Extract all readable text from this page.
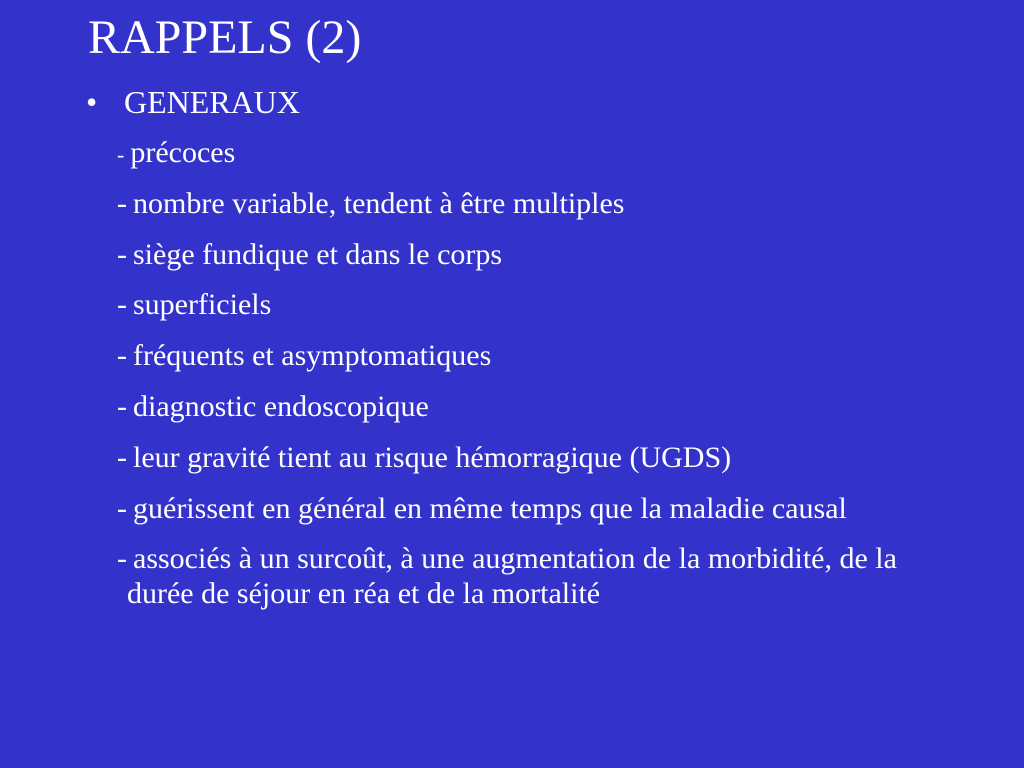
RAPPELS (2)
• GENERAUX
- précoces
- nombre variable, tendent à être multiples
- siège fundique et dans le corps
- superficiels
- fréquents et asymptomatiques
- diagnostic endoscopique
- leur gravité tient au risque hémorragique (UGDS)
- guérissent en général en même temps que la maladie causal
- associés à un surcoût, à une augmentation de la morbidité, de la durée de séjour en réa et de la mortalité
